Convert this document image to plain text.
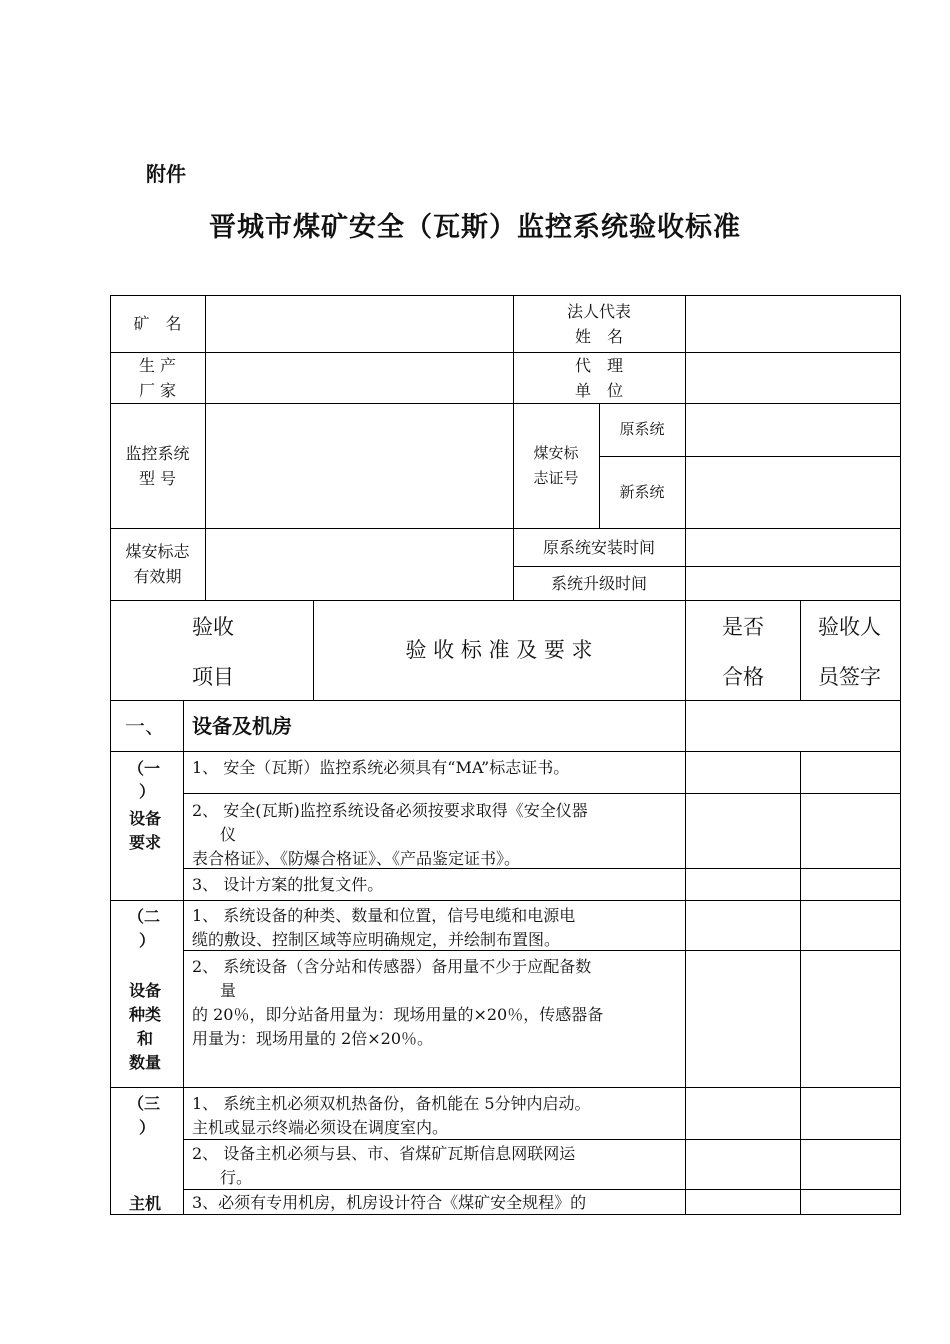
附件
晋城市煤矿安全（瓦斯）监控系统验收标准
矿　名
法人代表
姓　名
生 产
厂 家
代　理
单　位
监控系统
型 号
煤安标
志证号
原系统
新系统
煤安标志
有效期
原系统安装时间
系统升级时间
验收
项目
验 收 标 准 及 要 求
是否
合格
验收人
员签字
一、 设备及机房
（一
）
设备
要求
1、 安全（瓦斯）监控系统必须具有“MA”标志证书。
2、 安全(瓦斯)监控系统设备必须按要求取得《安全仪器
仪
表合格证》、《防爆合格证》、《产品鉴定证书》。
3、 设计方案的批复文件。
（二
）
设备
种类
和
数量
1、 系统设备的种类、数量和位置，信号电缆和电源电
缆的敷设、控制区域等应明确规定，并绘制布置图。
2、 系统设备（含分站和传感器）备用量不少于应配备数
量
的 20％，即分站备用量为：现场用量的×20％，传感器备
用量为：现场用量的 2倍×20％。
（三
）
主机
1、 系统主机必须双机热备份，备机能在 5分钟内启动。
主机或显示终端必须设在调度室内。
2、 设备主机必须与县、市、省煤矿瓦斯信息网联网运
行。
3、必须有专用机房，机房设计符合《煤矿安全规程》的
